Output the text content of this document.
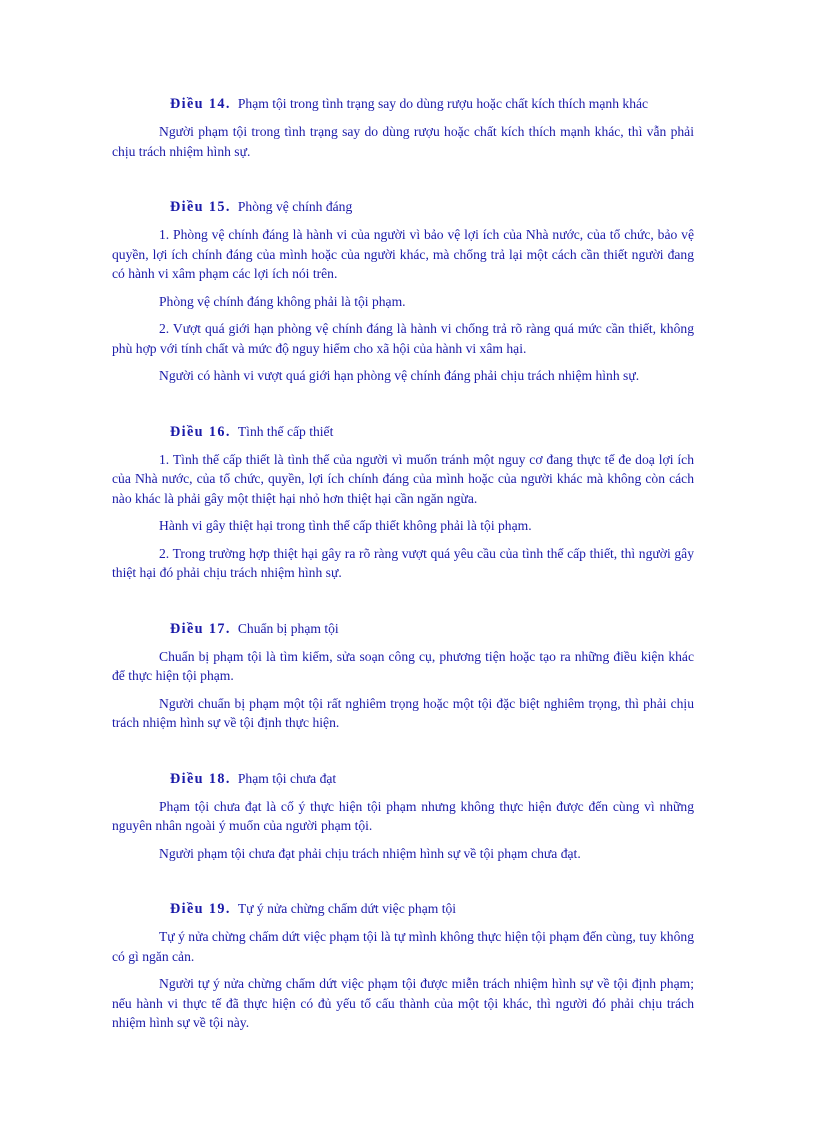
Điều 14. Phạm tội trong tình trạng say do dùng rượu hoặc chất kích thích mạnh khác

Người phạm tội trong tình trạng say do dùng rượu hoặc chất kích thích mạnh khác, thì vẫn phải chịu trách nhiệm hình sự.

Điều 15. Phòng vệ chính đáng

1. Phòng vệ chính đáng là hành vi của người vì bảo vệ lợi ích của Nhà nước, của tổ chức, bảo vệ quyền, lợi ích chính đáng của mình hoặc của người khác, mà chống trả lại một cách cần thiết người đang có hành vi xâm phạm các lợi ích nói trên.

Phòng vệ chính đáng không phải là tội phạm.

2. Vượt quá giới hạn phòng vệ chính đáng là hành vi chống trả rõ ràng quá mức cần thiết, không phù hợp với tính chất và mức độ nguy hiểm cho xã hội của hành vi xâm hại.

Người có hành vi vượt quá giới hạn phòng vệ chính đáng phải chịu trách nhiệm hình sự.

Điều 16. Tình thế cấp thiết

1. Tình thế cấp thiết là tình thế của người vì muốn tránh một nguy cơ đang thực tế đe doạ lợi ích của Nhà nước, của tổ chức, quyền, lợi ích chính đáng của mình hoặc của người khác mà không còn cách nào khác là phải gây một thiệt hại nhỏ hơn thiệt hại cần ngăn ngừa.

Hành vi gây thiệt hại trong tình thế cấp thiết không phải là tội phạm.

2. Trong trường hợp thiệt hại gây ra rõ ràng vượt quá yêu cầu của tình thế cấp thiết, thì người gây thiệt hại đó phải chịu trách nhiệm hình sự.

Điều 17. Chuẩn bị phạm tội

Chuẩn bị phạm tội là tìm kiếm, sửa soạn công cụ, phương tiện hoặc tạo ra những điều kiện khác để thực hiện tội phạm.

Người chuẩn bị phạm một tội rất nghiêm trọng hoặc một tội đặc biệt nghiêm trọng, thì phải chịu trách nhiệm hình sự về tội định thực hiện.

Điều 18. Phạm tội chưa đạt

Phạm tội chưa đạt là cố ý thực hiện tội phạm nhưng không thực hiện được đến cùng vì những nguyên nhân ngoài ý muốn của người phạm tội.

Người phạm tội chưa đạt phải chịu trách nhiệm hình sự về tội phạm chưa đạt.

Điều 19. Tự ý nửa chừng chấm dứt việc phạm tội

Tự ý nửa chừng chấm dứt việc phạm tội là tự mình không thực hiện tội phạm đến cùng, tuy không có gì ngăn cản.

Người tự ý nửa chừng chấm dứt việc phạm tội được miễn trách nhiệm hình sự về tội định phạm; nếu hành vi thực tế đã thực hiện có đủ yếu tố cấu thành của một tội khác, thì người đó phải chịu trách nhiệm hình sự về tội này.
